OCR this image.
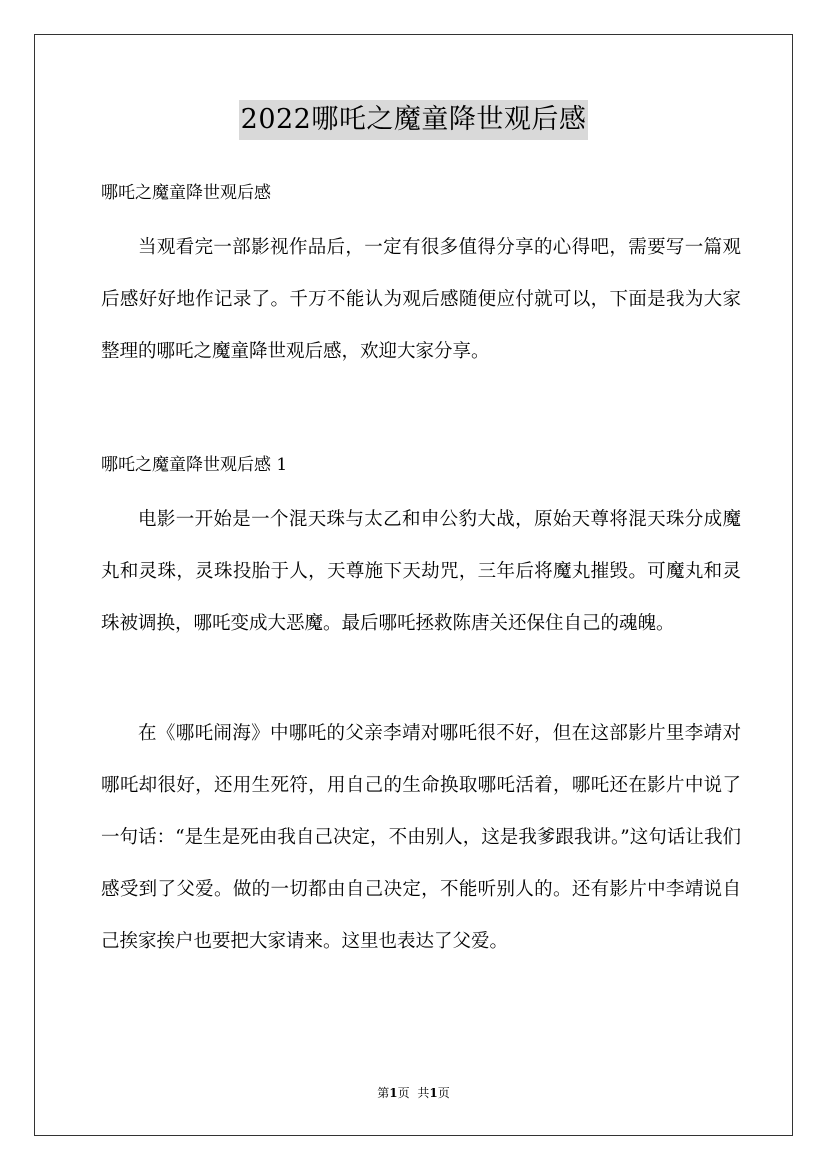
2022哪吒之魔童降世观后感
哪吒之魔童降世观后感

当观看完一部影视作品后，一定有很多值得分享的心得吧，需要写一篇观后感好好地作记录了。千万不能认为观后感随便应付就可以，下面是我为大家整理的哪吒之魔童降世观后感，欢迎大家分享。

哪吒之魔童降世观后感 1

电影一开始是一个混天珠与太乙和申公豹大战，原始天尊将混天珠分成魔丸和灵珠，灵珠投胎于人，天尊施下天劫咒，三年后将魔丸摧毁。可魔丸和灵珠被调换，哪吒变成大恶魔。最后哪吒拯救陈唐关还保住自己的魂魄。

在《哪吒闹海》中哪吒的父亲李靖对哪吒很不好，但在这部影片里李靖对哪吒却很好，还用生死符，用自己的生命换取哪吒活着，哪吒还在影片中说了一句话：“是生是死由我自己决定，不由别人，这是我爹跟我讲。”这句话让我们感受到了父爱。做的一切都由自己决定，不能听别人的。还有影片中李靖说自己挨家挨户也要把大家请来。这里也表达了父爱。

第1页 共1页
